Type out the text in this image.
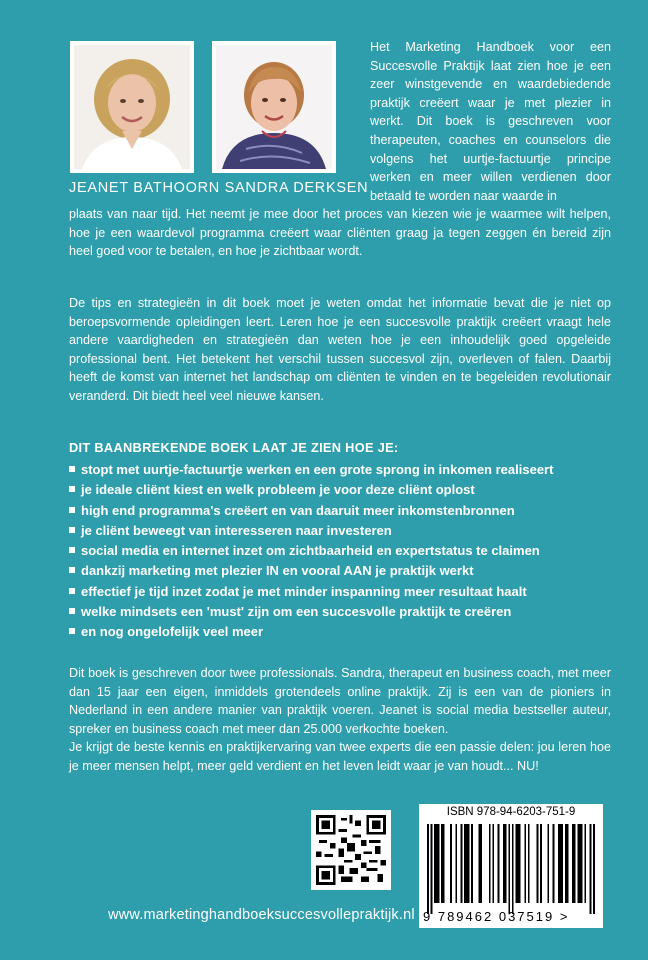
JEANET BATHOORN SANDRA DERKSEN
Het Marketing Handboek voor een Succesvolle Praktijk laat zien hoe je een zeer winstgevende en waardebiedende praktijk creëert waar je met plezier in werkt. Dit boek is geschreven voor therapeuten, coaches en counselors die volgens het uurtje-factuurtje principe werken en meer willen verdienen door betaald te worden naar waarde in
plaats van naar tijd. Het neemt je mee door het proces van kiezen wie je waarmee wilt helpen, hoe je een waardevol programma creëert waar cliënten graag ja tegen zeggen én bereid zijn heel goed voor te betalen, en hoe je zichtbaar wordt.
De tips en strategieën in dit boek moet je weten omdat het informatie bevat die je niet op beroepsvormende opleidingen leert. Leren hoe je een succesvolle praktijk creëert vraagt hele andere vaardigheden en strategieën dan weten hoe je een inhoudelijk goed opgeleide professional bent. Het betekent het verschil tussen succesvol zijn, overleven of falen. Daarbij heeft de komst van internet het landschap om cliënten te vinden en te begeleiden revolutionair veranderd. Dit biedt heel veel nieuwe kansen.
DIT BAANBREKENDE BOEK LAAT JE ZIEN HOE JE:
stopt met uurtje-factuurtje werken en een grote sprong in inkomen realiseert
je ideale cliënt kiest en welk probleem je voor deze cliënt oplost
high end programma's creëert en van daaruit meer inkomstenbronnen
je cliënt beweegt van interesseren naar investeren
social media en internet inzet om zichtbaarheid en expertstatus te claimen
dankzij marketing met plezier IN en vooral AAN je praktijk werkt
effectief je tijd inzet zodat je met minder inspanning meer resultaat haalt
welke mindsets een 'must' zijn om een succesvolle praktijk te creëren
en nog ongelofelijk veel meer

Dit boek is geschreven door twee professionals. Sandra, therapeut en business coach, met meer dan 15 jaar een eigen, inmiddels grotendeels online praktijk. Zij is een van de pioniers in Nederland in een andere manier van praktijk voeren. Jeanet is social media bestseller auteur, spreker en business coach met meer dan 25.000 verkochte boeken.

Je krijgt de beste kennis en praktijkervaring van twee experts die een passie delen: jou leren hoe je meer mensen helpt, meer geld verdient en het leven leidt waar je van houdt... NU!

ISBN 978-94-6203-751-9
9 789462 037519 >
www.marketinghandboeksuccesvollepraktijk.nl
